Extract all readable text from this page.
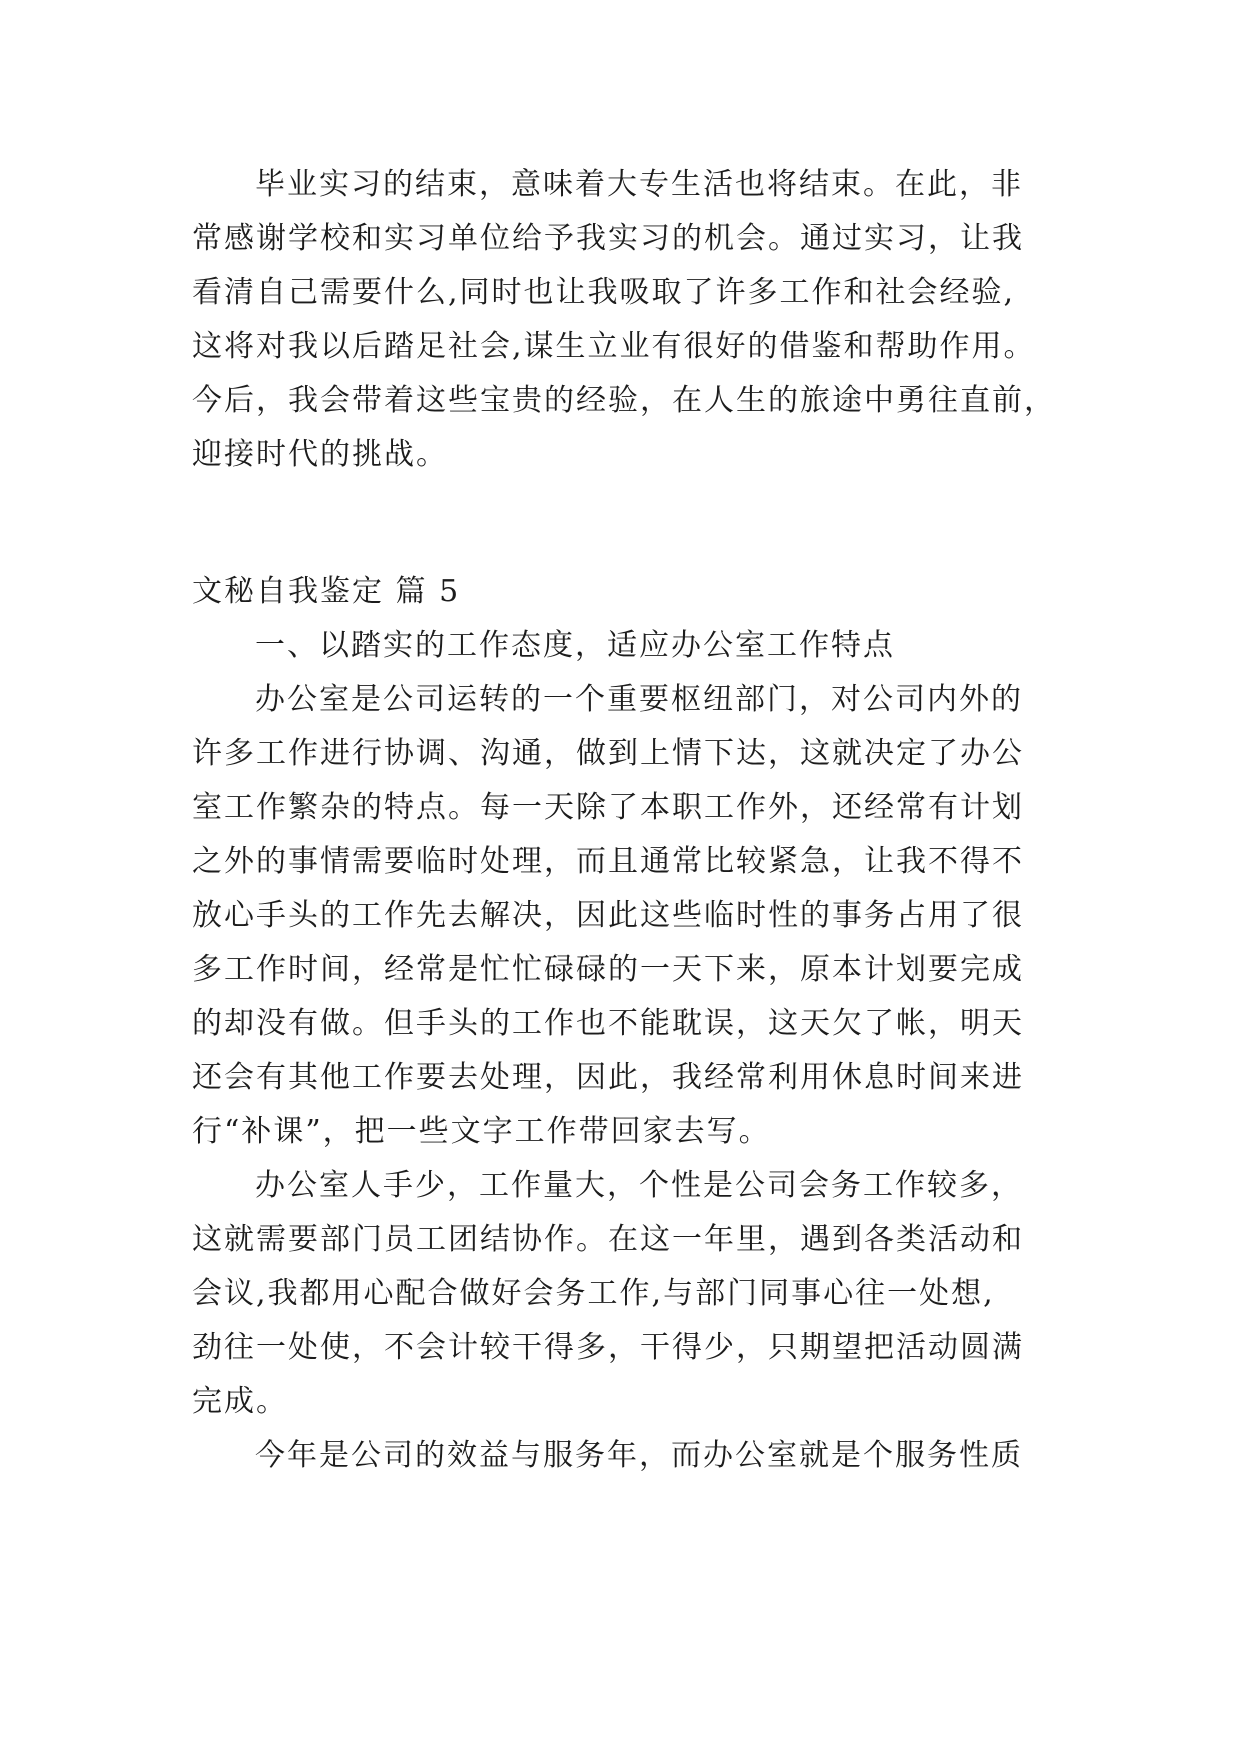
毕业实习的结束，意味着大专生活也将结束。在此，非
常感谢学校和实习单位给予我实习的机会。通过实习，让我
看清自己需要什么,同时也让我吸取了许多工作和社会经验,
这将对我以后踏足社会,谋生立业有很好的借鉴和帮助作用。
今后，我会带着这些宝贵的经验，在人生的旅途中勇往直前，
迎接时代的挑战。
文秘自我鉴定 篇 5
一、以踏实的工作态度，适应办公室工作特点
办公室是公司运转的一个重要枢纽部门，对公司内外的
许多工作进行协调、沟通，做到上情下达，这就决定了办公
室工作繁杂的特点。每一天除了本职工作外，还经常有计划
之外的事情需要临时处理，而且通常比较紧急，让我不得不
放心手头的工作先去解决，因此这些临时性的事务占用了很
多工作时间，经常是忙忙碌碌的一天下来，原本计划要完成
的却没有做。但手头的工作也不能耽误，这天欠了帐，明天
还会有其他工作要去处理，因此，我经常利用休息时间来进
行“补课”，把一些文字工作带回家去写。
办公室人手少，工作量大，个性是公司会务工作较多，
这就需要部门员工团结协作。在这一年里，遇到各类活动和
会议,我都用心配合做好会务工作,与部门同事心往一处想,
劲往一处使，不会计较干得多，干得少，只期望把活动圆满
完成。
今年是公司的效益与服务年，而办公室就是个服务性质
